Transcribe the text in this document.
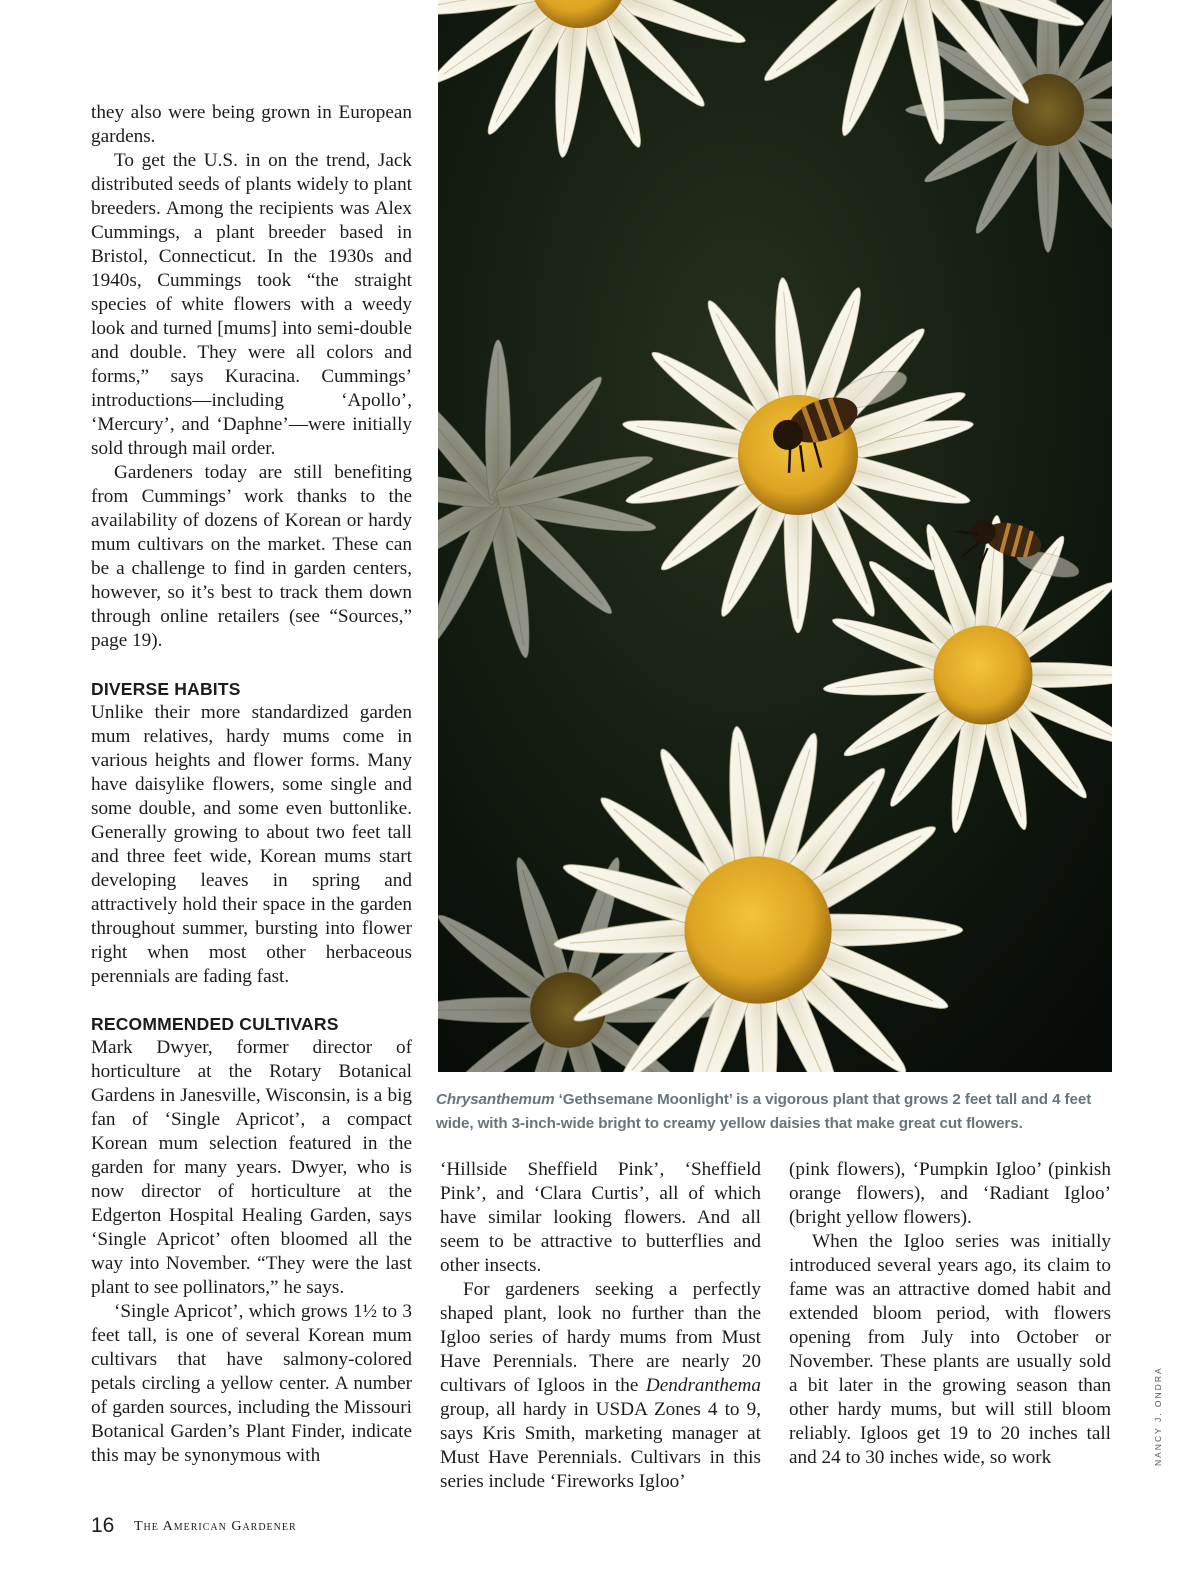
they also were being grown in European gardens.

To get the U.S. in on the trend, Jack distributed seeds of plants widely to plant breeders. Among the recipients was Alex Cummings, a plant breeder based in Bristol, Connecticut. In the 1930s and 1940s, Cummings took “the straight species of white flowers with a weedy look and turned [mums] into semi-double and double. They were all colors and forms,” says Kuracina. Cummings’ introductions—including ‘Apollo’, ‘Mercury’, and ‘Daphne’—were initially sold through mail order.

Gardeners today are still benefiting from Cummings’ work thanks to the availability of dozens of Korean or hardy mum cultivars on the market. These can be a challenge to find in garden centers, however, so it’s best to track them down through online retailers (see “Sources,” page 19).

DIVERSE HABITS

Unlike their more standardized garden mum relatives, hardy mums come in various heights and flower forms. Many have daisylike flowers, some single and some double, and some even buttonlike. Generally growing to about two feet tall and three feet wide, Korean mums start developing leaves in spring and attractively hold their space in the garden throughout summer, bursting into flower right when most other herbaceous perennials are fading fast.

RECOMMENDED CULTIVARS

Mark Dwyer, former director of horticulture at the Rotary Botanical Gardens in Janesville, Wisconsin, is a big fan of ‘Single Apricot’, a compact Korean mum selection featured in the garden for many years. Dwyer, who is now director of horticulture at the Edgerton Hospital Healing Garden, says ‘Single Apricot’ often bloomed all the way into November. “They were the last plant to see pollinators,” he says.

‘Single Apricot’, which grows 1½ to 3 feet tall, is one of several Korean mum cultivars that have salmony-colored petals circling a yellow center. A number of garden sources, including the Missouri Botanical Garden’s Plant Finder, indicate this may be synonymous with

Chrysanthemum ‘Gethsemane Moonlight’ is a vigorous plant that grows 2 feet tall and 4 feet wide, with 3-inch-wide bright to creamy yellow daisies that make great cut flowers.

‘Hillside Sheffield Pink’, ‘Sheffield Pink’, and ‘Clara Curtis’, all of which have similar looking flowers. And all seem to be attractive to butterflies and other insects.

For gardeners seeking a perfectly shaped plant, look no further than the Igloo series of hardy mums from Must Have Perennials. There are nearly 20 cultivars of Igloos in the Dendranthema group, all hardy in USDA Zones 4 to 9, says Kris Smith, marketing manager at Must Have Perennials. Cultivars in this series include ‘Fireworks Igloo’

(pink flowers), ‘Pumpkin Igloo’ (pinkish orange flowers), and ‘Radiant Igloo’ (bright yellow flowers).

When the Igloo series was initially introduced several years ago, its claim to fame was an attractive domed habit and extended bloom period, with flowers opening from July into October or November. These plants are usually sold a bit later in the growing season than other hardy mums, but will still bloom reliably. Igloos get 19 to 20 inches tall and 24 to 30 inches wide, so work	NANCY J. ONDRA
16 The American Gardener
